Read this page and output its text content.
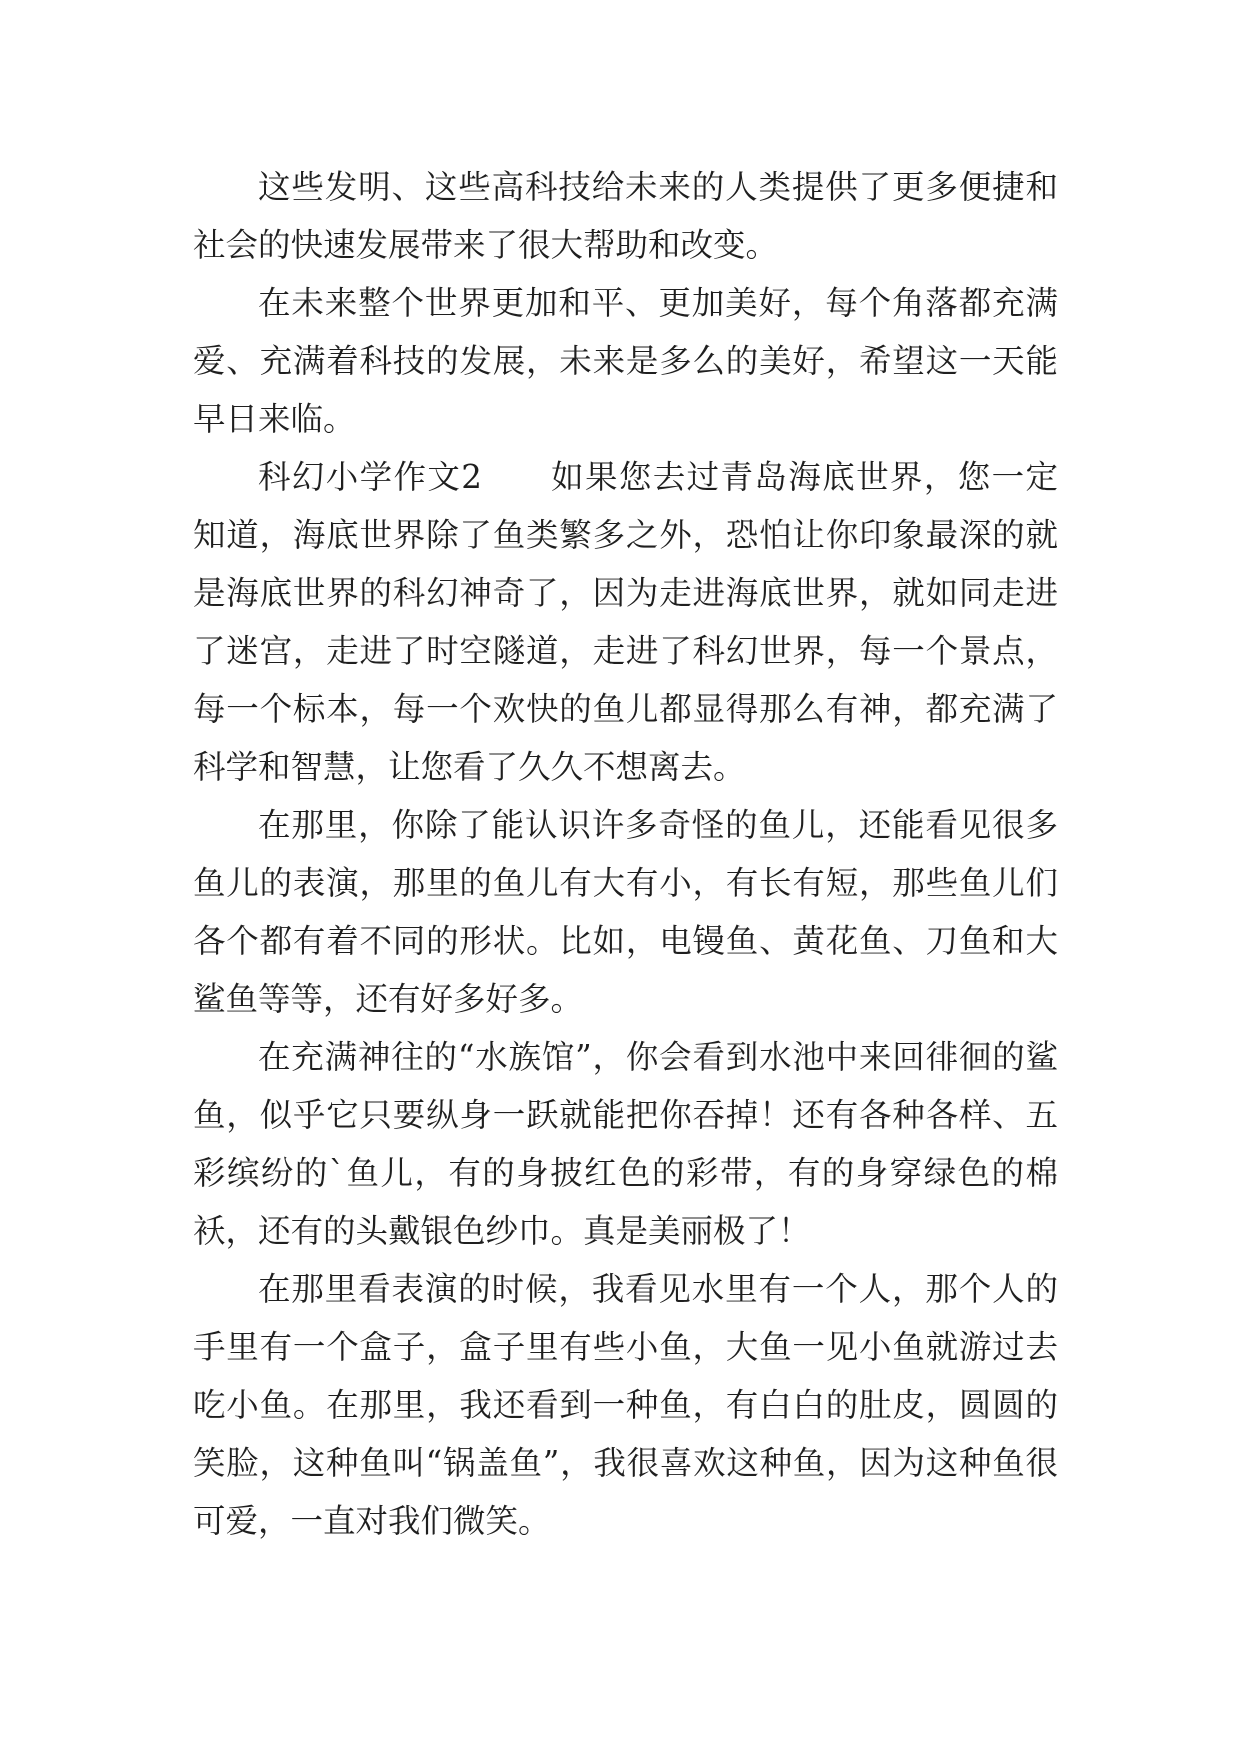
这些发明、这些高科技给未来的人类提供了更多便捷和社会的快速发展带来了很大帮助和改变。

在未来整个世界更加和平、更加美好，每个角落都充满爱、充满着科技的发展，未来是多么的美好，希望这一天能早日来临。

科幻小学作文2　　如果您去过青岛海底世界，您一定知道，海底世界除了鱼类繁多之外，恐怕让你印象最深的就是海底世界的科幻神奇了，因为走进海底世界，就如同走进了迷宫，走进了时空隧道，走进了科幻世界，每一个景点，每一个标本，每一个欢快的鱼儿都显得那么有神，都充满了科学和智慧，让您看了久久不想离去。

在那里，你除了能认识许多奇怪的鱼儿，还能看见很多鱼儿的表演，那里的鱼儿有大有小，有长有短，那些鱼儿们各个都有着不同的形状。比如，电镘鱼、黄花鱼、刀鱼和大鲨鱼等等，还有好多好多。

在充满神往的“水族馆”，你会看到水池中来回徘徊的鲨鱼，似乎它只要纵身一跃就能把你吞掉！还有各种各样、五彩缤纷的`鱼儿，有的身披红色的彩带，有的身穿绿色的棉袄，还有的头戴银色纱巾。真是美丽极了！

在那里看表演的时候，我看见水里有一个人，那个人的手里有一个盒子，盒子里有些小鱼，大鱼一见小鱼就游过去吃小鱼。在那里，我还看到一种鱼，有白白的肚皮，圆圆的笑脸，这种鱼叫“锅盖鱼”，我很喜欢这种鱼，因为这种鱼很可爱，一直对我们微笑。
